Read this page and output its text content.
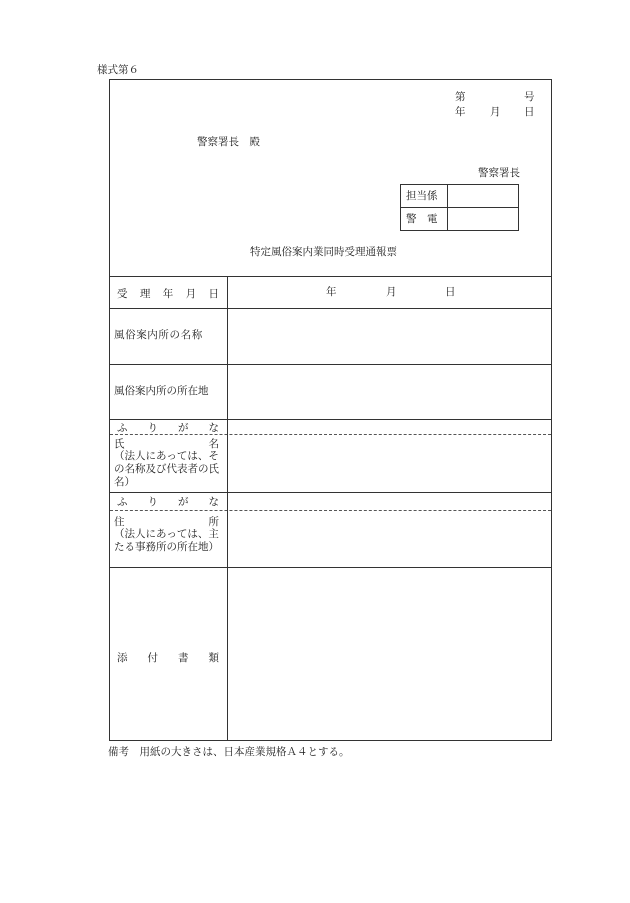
様式第６
第	号
年 月 日
警察署長　殿
警察署長
担当係
警　電
特定風俗案内業同時受理通報票
受 理 年 月 日	年	月	日
風俗案内所の名称
風俗案内所の所在地
ふ り が な
氏	名
（法人にあっては、その名称及び代表者の氏名）
ふ り が な
住	所
（法人にあっては、主たる事務所の所在地）
添 付 書 類
備考　用紙の大きさは、日本産業規格Ａ４とする。
